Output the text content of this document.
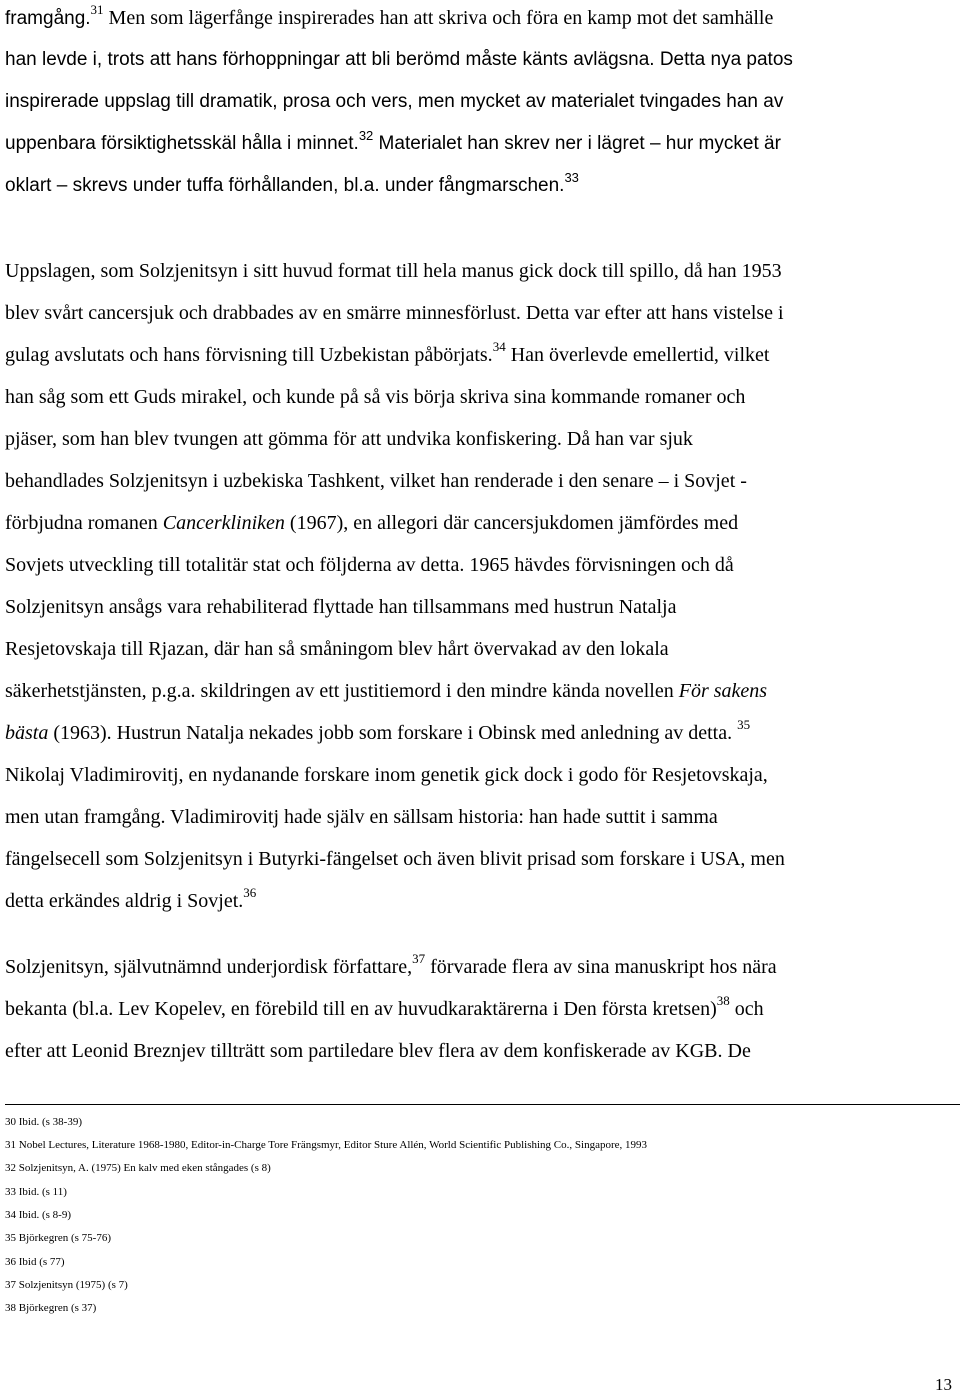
framgång.$^{31}$ Men som lägerfånge inspirerades han att skriva och föra en kamp mot det samhälle

han levde i, trots att hans förhoppningar att bli berömd måste känts avlägsna. Detta nya patos

inspirerade uppslag till dramatik, prosa och vers, men mycket av materialet tvingades han av

uppenbara försiktighetsskäl hålla i minnet.$^{32}$ Materialet han skrev ner i lägret – hur mycket är

oklart – skrevs under tuffa förhållanden, bl.a. under fångmarschen.$^{33}$

Uppslagen, som Solzjenitsyn i sitt huvud format till hela manus gick dock till spillo, då han 1953

blev svårt cancersjuk och drabbades av en smärre minnesförlust. Detta var efter att hans vistelse i

gulag avslutats och hans förvisning till Uzbekistan påbörjats.$^{34}$ Han överlevde emellertid, vilket

han såg som ett Guds mirakel, och kunde på så vis börja skriva sina kommande romaner och

pjäser, som han blev tvungen att gömma för att undvika konfiskering. Då han var sjuk

behandlades Solzjenitsyn i uzbekiska Tashkent, vilket han renderade i den senare – i Sovjet -

förbjudna romanen Cancerkliniken (1967), en allegori där cancersjukdomen jämfördes med

Sovjets utveckling till totalitär stat och följderna av detta. 1965 hävdes förvisningen och då

Solzjenitsyn ansågs vara rehabiliterad flyttade han tillsammans med hustrun Natalja

Resjetovskaja till Rjazan, där han så småningom blev hårt övervakad av den lokala

säkerhetstjänsten, p.g.a. skildringen av ett justitiemord i den mindre kända novellen För sakens

bästa (1963). Hustrun Natalja nekades jobb som forskare i Obinsk med anledning av detta. $^{35}$

Nikolaj Vladimirovitj, en nydanande forskare inom genetik gick dock i godo för Resjetovskaja,

men utan framgång. Vladimirovitj hade själv en sällsam historia: han hade suttit i samma

fängelsecell som Solzjenitsyn i Butyrki-fängelset och även blivit prisad som forskare i USA, men

detta erkändes aldrig i Sovjet.$^{36}$

Solzjenitsyn, självutnämnd underjordisk författare,$^{37}$ förvarade flera av sina manuskript hos nära

bekanta (bl.a. Lev Kopelev, en förebild till en av huvudkaraktärerna i Den första kretsen)$^{38}$ och

efter att Leonid Breznjev tillträtt som partiledare blev flera av dem konfiskerade av KGB. De

30 Ibid. (s 38-39)

31 Nobel Lectures, Literature 1968-1980, Editor-in-Charge Tore Frängsmyr, Editor Sture Allén, World Scientific Publishing Co., Singapore, 1993

32 Solzjenitsyn, A. (1975) En kalv med eken stångades (s 8)

33 Ibid. (s 11)

34 Ibid. (s 8-9)

35 Björkegren (s 75-76)

36 Ibid (s 77)

37 Solzjenitsyn (1975) (s 7)

38 Björkegren (s 37)

13
